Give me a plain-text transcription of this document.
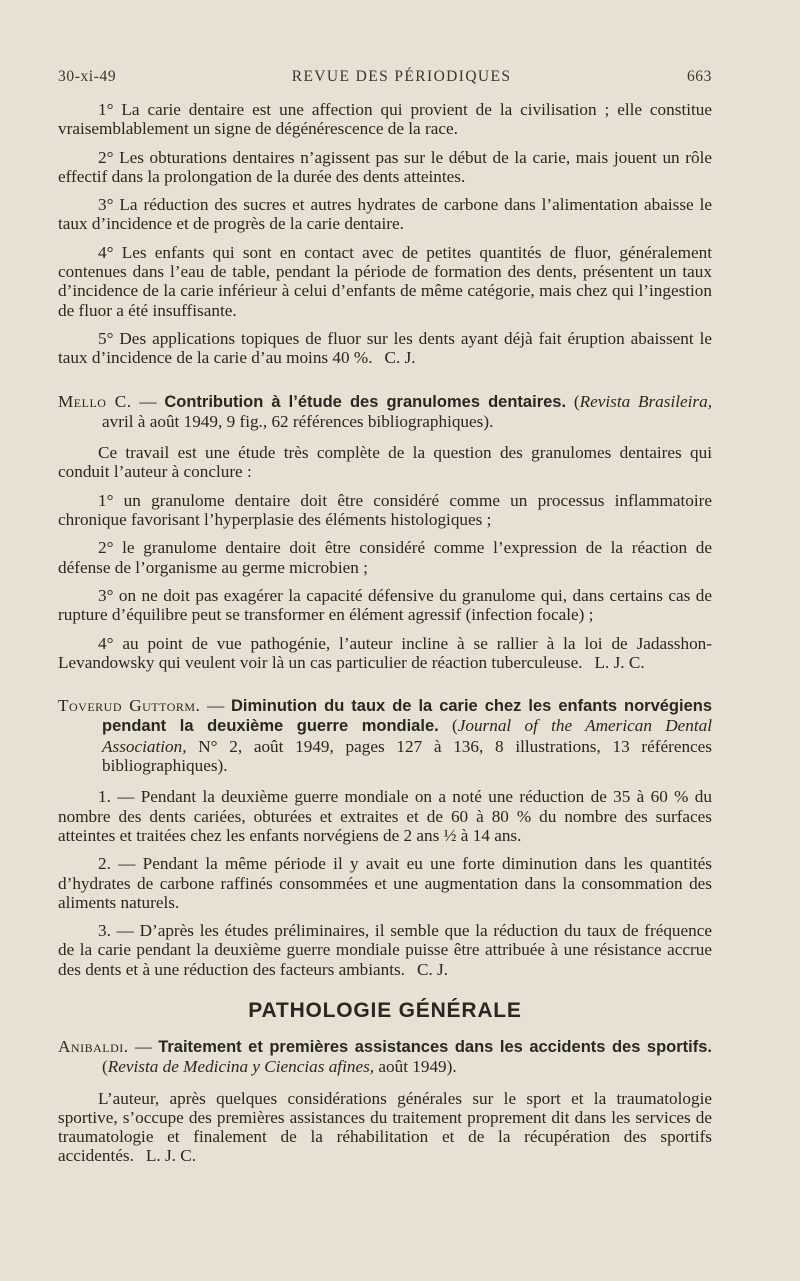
30-xi-49	REVUE DES PÉRIODIQUES	663

1° La carie dentaire est une affection qui provient de la civilisation ; elle constitue vraisemblablement un signe de dégénérescence de la race.

2° Les obturations dentaires n’agissent pas sur le début de la carie, mais jouent un rôle effectif dans la prolongation de la durée des dents atteintes.

3° La réduction des sucres et autres hydrates de carbone dans l’alimentation abaisse le taux d’incidence et de progrès de la carie dentaire.

4° Les enfants qui sont en contact avec de petites quantités de fluor, généralement contenues dans l’eau de table, pendant la période de formation des dents, présentent un taux d’incidence de la carie inférieur à celui d’enfants de même catégorie, mais chez qui l’ingestion de fluor a été insuffisante.

5° Des applications topiques de fluor sur les dents ayant déjà fait éruption abaissent le taux d’incidence de la carie d’au moins 40 %. C. J.

Mello C. — Contribution à l’étude des granulomes dentaires. (Revista Brasileira, avril à août 1949, 9 fig., 62 références bibliographiques).

Ce travail est une étude très complète de la question des granulomes dentaires qui conduit l’auteur à conclure :

1° un granulome dentaire doit être considéré comme un processus inflammatoire chronique favorisant l’hyperplasie des éléments histologiques ;

2° le granulome dentaire doit être considéré comme l’expression de la réaction de défense de l’organisme au germe microbien ;

3° on ne doit pas exagérer la capacité défensive du granulome qui, dans certains cas de rupture d’équilibre peut se transformer en élément agressif (infection focale) ;

4° au point de vue pathogénie, l’auteur incline à se rallier à la loi de Jadasshon-Levandowsky qui veulent voir là un cas particulier de réaction tuberculeuse. L. J. C.

Toverud Guttorm. — Diminution du taux de la carie chez les enfants norvégiens pendant la deuxième guerre mondiale. (Journal of the American Dental Association, N° 2, août 1949, pages 127 à 136, 8 illustrations, 13 références bibliographiques).

1. — Pendant la deuxième guerre mondiale on a noté une réduction de 35 à 60 % du nombre des dents cariées, obturées et extraites et de 60 à 80 % du nombre des surfaces atteintes et traitées chez les enfants norvégiens de 2 ans ½ à 14 ans.

2. — Pendant la même période il y avait eu une forte diminution dans les quantités d’hydrates de carbone raffinés consommées et une augmentation dans la consommation des aliments naturels.

3. — D’après les études préliminaires, il semble que la réduction du taux de fréquence de la carie pendant la deuxième guerre mondiale puisse être attribuée à une résistance accrue des dents et à une réduction des facteurs ambiants. C. J.

PATHOLOGIE GÉNÉRALE

Anibaldi. — Traitement et premières assistances dans les accidents des sportifs. (Revista de Medicina y Ciencias afines, août 1949).

L’auteur, après quelques considérations générales sur le sport et la traumatologie sportive, s’occupe des premières assistances du traitement proprement dit dans les services de traumatologie et finalement de la réhabilitation et de la récupération des sportifs accidentés. L. J. C.
